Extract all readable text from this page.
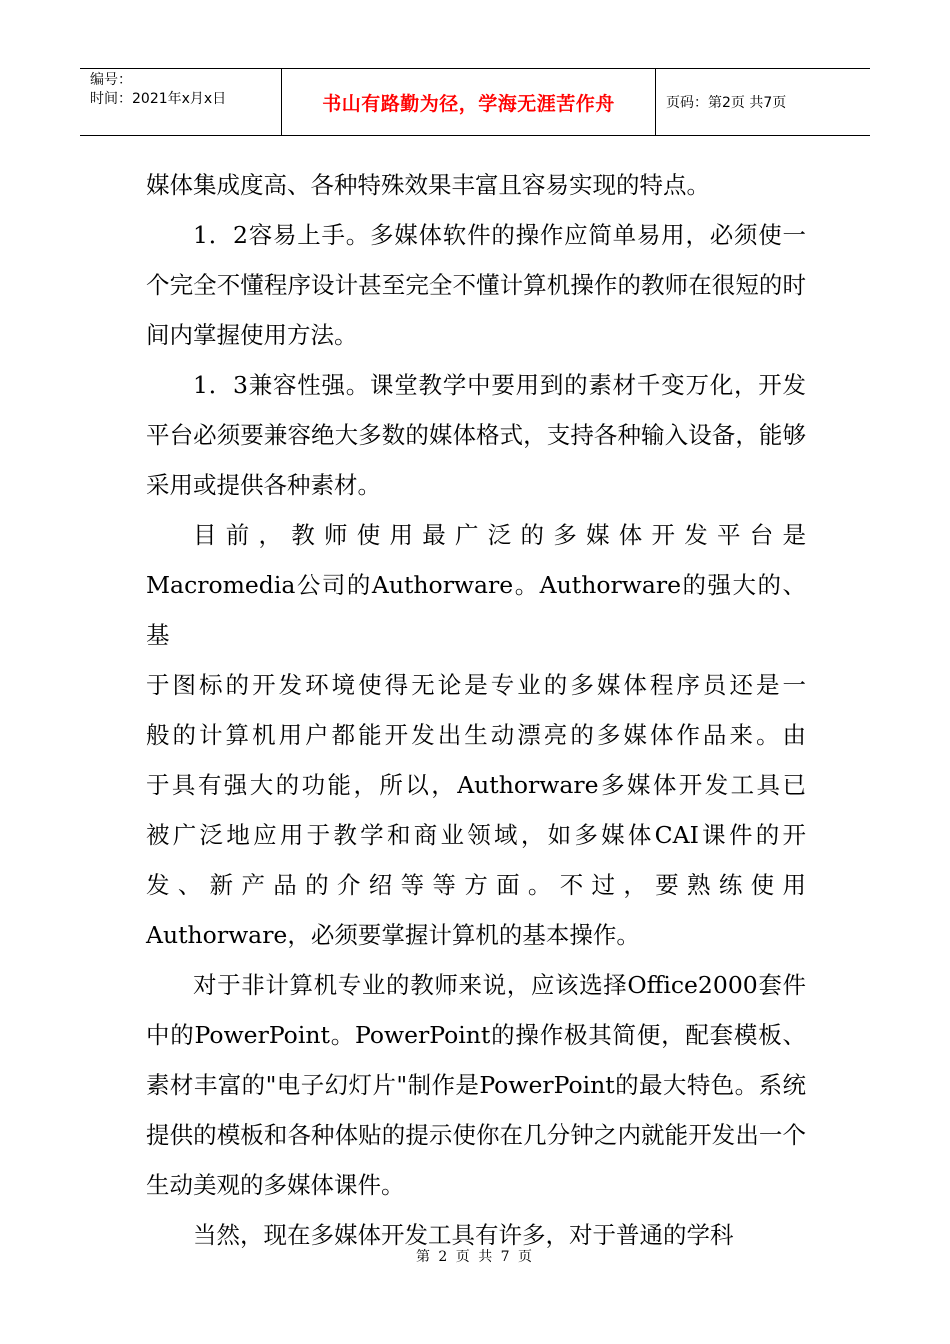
编号：
时间：2021年x月x日	书山有路勤为径，学海无涯苦作舟	页码：第2页 共7页

媒体集成度高、各种特殊效果丰富且容易实现的特点。

1．2容易上手。多媒体软件的操作应简单易用，必须使一个完全不懂程序设计甚至完全不懂计算机操作的教师在很短的时间内掌握使用方法。

1．3兼容性强。课堂教学中要用到的素材千变万化，开发平台必须要兼容绝大多数的媒体格式，支持各种输入设备，能够采用或提供各种素材。

目前，教师使用最广泛的多媒体开发平台是
Macromedia公司的Authorware。Authorware的强大的、基
于图标的开发环境使得无论是专业的多媒体程序员还是一
般的计算机用户都能开发出生动漂亮的多媒体作品来。由
于具有强大的功能，所以，Authorware多媒体开发工具已
被广泛地应用于教学和商业领域，如多媒体CAI课件的开
发、新产品的介绍等等方面。不过，要熟练使用
Authorware，必须要掌握计算机的基本操作。

对于非计算机专业的教师来说，应该选择Office2000套件中的PowerPoint。PowerPoint的操作极其简便，配套模板、素材丰富的"电子幻灯片"制作是PowerPoint的最大特色。系统提供的模板和各种体贴的提示使你在几分钟之内就能开发出一个生动美观的多媒体课件。

当然，现在多媒体开发工具有许多，对于普通的学科

第 2 页 共 7 页
